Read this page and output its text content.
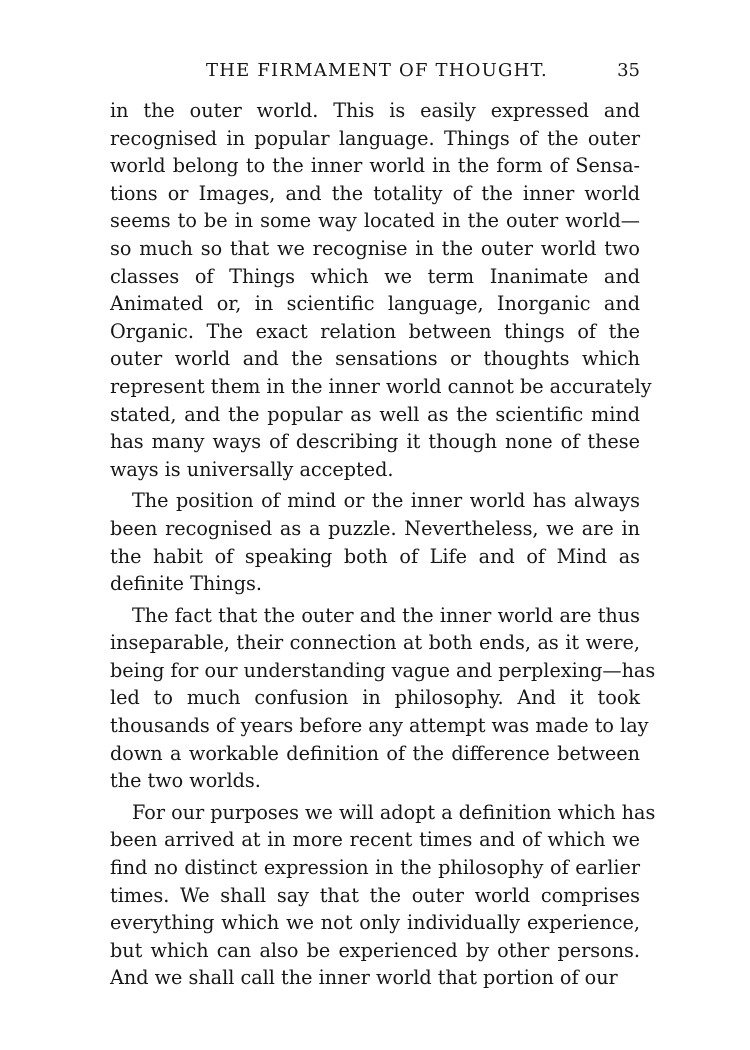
THE FIRMAMENT OF THOUGHT.	35
in the outer world. This is easily expressed and
recognised in popular language. Things of the outer
world belong to the inner world in the form of Sensa-
tions or Images, and the totality of the inner world
seems to be in some way located in the outer world—
so much so that we recognise in the outer world two
classes of Things which we term Inanimate and
Animated or, in scientific language, Inorganic and
Organic. The exact relation between things of the
outer world and the sensations or thoughts which
represent them in the inner world cannot be accurately
stated, and the popular as well as the scientific mind
has many ways of describing it though none of these
ways is universally accepted.
The position of mind or the inner world has always
been recognised as a puzzle. Nevertheless, we are in
the habit of speaking both of Life and of Mind as
definite Things.
The fact that the outer and the inner world are thus
inseparable, their connection at both ends, as it were,
being for our understanding vague and perplexing—has
led to much confusion in philosophy. And it took
thousands of years before any attempt was made to lay
down a workable definition of the difference between
the two worlds.
For our purposes we will adopt a definition which has
been arrived at in more recent times and of which we
find no distinct expression in the philosophy of earlier
times. We shall say that the outer world comprises
everything which we not only individually experience,
but which can also be experienced by other persons.
And we shall call the inner world that portion of our
